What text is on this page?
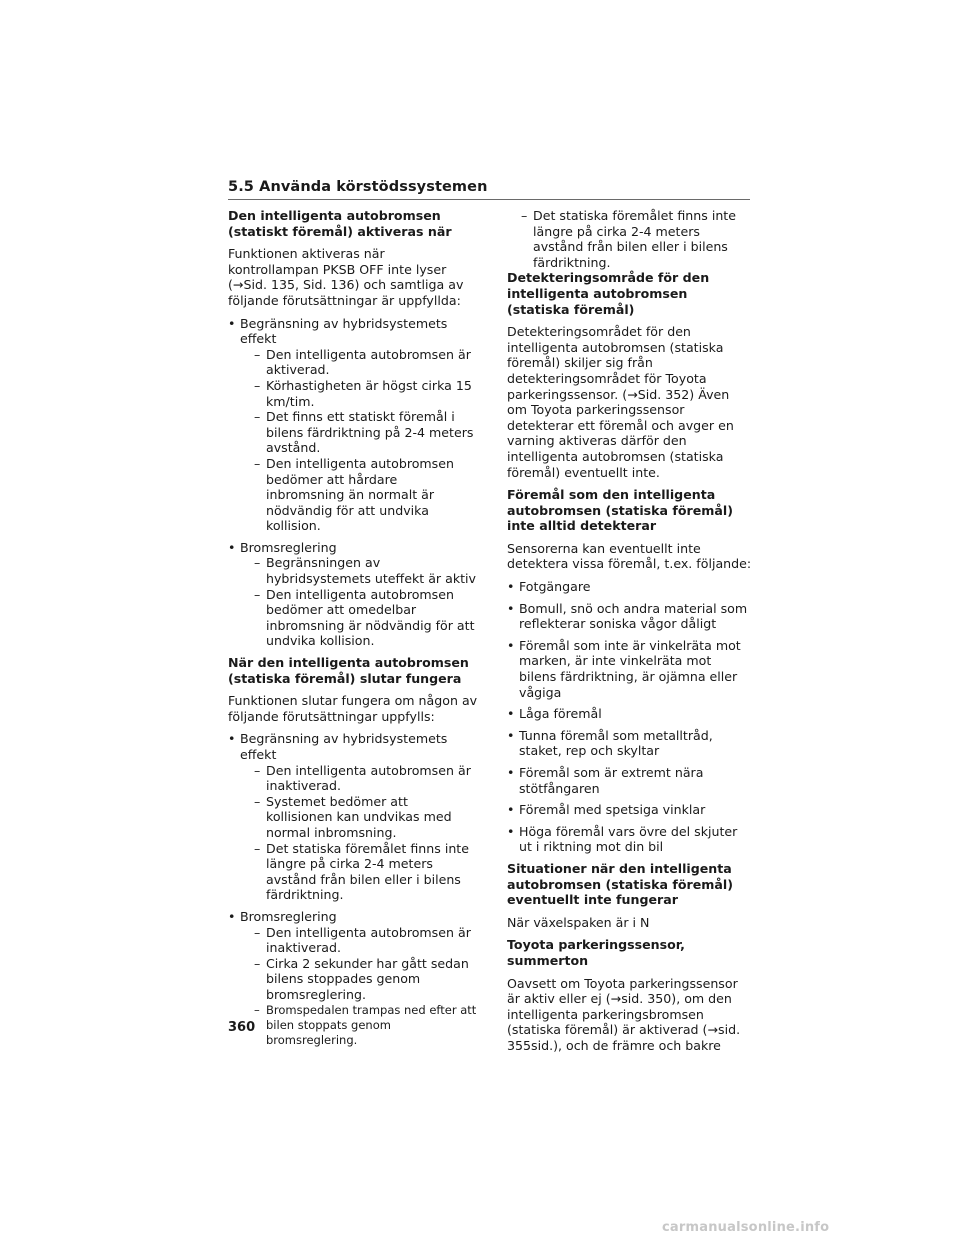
5.5 Använda körstödssystemen
Den intelligenta autobromsen (statiskt föremål) aktiveras när
Funktionen aktiveras när kontrollampan PKSB OFF inte lyser (→Sid. 135, Sid. 136) och samtliga av följande förutsättningar är uppfyllda:
• Begränsning av hybridsystemets effekt
– Den intelligenta autobromsen är aktiverad.
– Körhastigheten är högst cirka 15 km/tim.
– Det finns ett statiskt föremål i bilens färdriktning på 2-4 meters avstånd.
– Den intelligenta autobromsen bedömer att hårdare inbromsning än normalt är nödvändig för att undvika kollision.
• Bromsreglering
– Begränsningen av hybridsystemets uteffekt är aktiv
– Den intelligenta autobromsen bedömer att omedelbar inbromsning är nödvändig för att undvika kollision.
När den intelligenta autobromsen (statiska föremål) slutar fungera
Funktionen slutar fungera om någon av följande förutsättningar uppfylls:
• Begränsning av hybridsystemets effekt
– Den intelligenta autobromsen är inaktiverad.
– Systemet bedömer att kollisionen kan undvikas med normal inbromsning.
– Det statiska föremålet finns inte längre på cirka 2-4 meters avstånd från bilen eller i bilens färdriktning.
• Bromsreglering
– Den intelligenta autobromsen är inaktiverad.
– Cirka 2 sekunder har gått sedan bilens stoppades genom bromsreglering.
– Bromspedalen trampas ned efter att bilen stoppats genom bromsreglering.
– Det statiska föremålet finns inte längre på cirka 2-4 meters avstånd från bilen eller i bilens färdriktning.
Detekteringsområde för den intelligenta autobromsen (statiska föremål)
Detekteringsområdet för den intelligenta autobromsen (statiska föremål) skiljer sig från detekteringsområdet för Toyota parkeringssensor. (→Sid. 352) Även om Toyota parkeringssensor detekterar ett föremål och avger en varning aktiveras därför den intelligenta autobromsen (statiska föremål) eventuellt inte.
Föremål som den intelligenta autobromsen (statiska föremål) inte alltid detekterar
Sensorerna kan eventuellt inte detektera vissa föremål, t.ex. följande:
• Fotgängare
• Bomull, snö och andra material som reflekterar soniska vågor dåligt
• Föremål som inte är vinkelräta mot marken, är inte vinkelräta mot bilens färdriktning, är ojämna eller vågiga
• Låga föremål
• Tunna föremål som metalltråd, staket, rep och skyltar
• Föremål som är extremt nära stötfångaren
• Föremål med spetsiga vinklar
• Höga föremål vars övre del skjuter ut i riktning mot din bil
Situationer när den intelligenta autobromsen (statiska föremål) eventuellt inte fungerar
När växelspaken är i N
Toyota parkeringssensor, summerton
Oavsett om Toyota parkeringssensor är aktiv eller ej (→sid. 350), om den intelligenta parkeringsbromsen (statiska föremål) är aktiverad (→sid. 355sid.), och de främre och bakre
360
carmanualsonline.info
